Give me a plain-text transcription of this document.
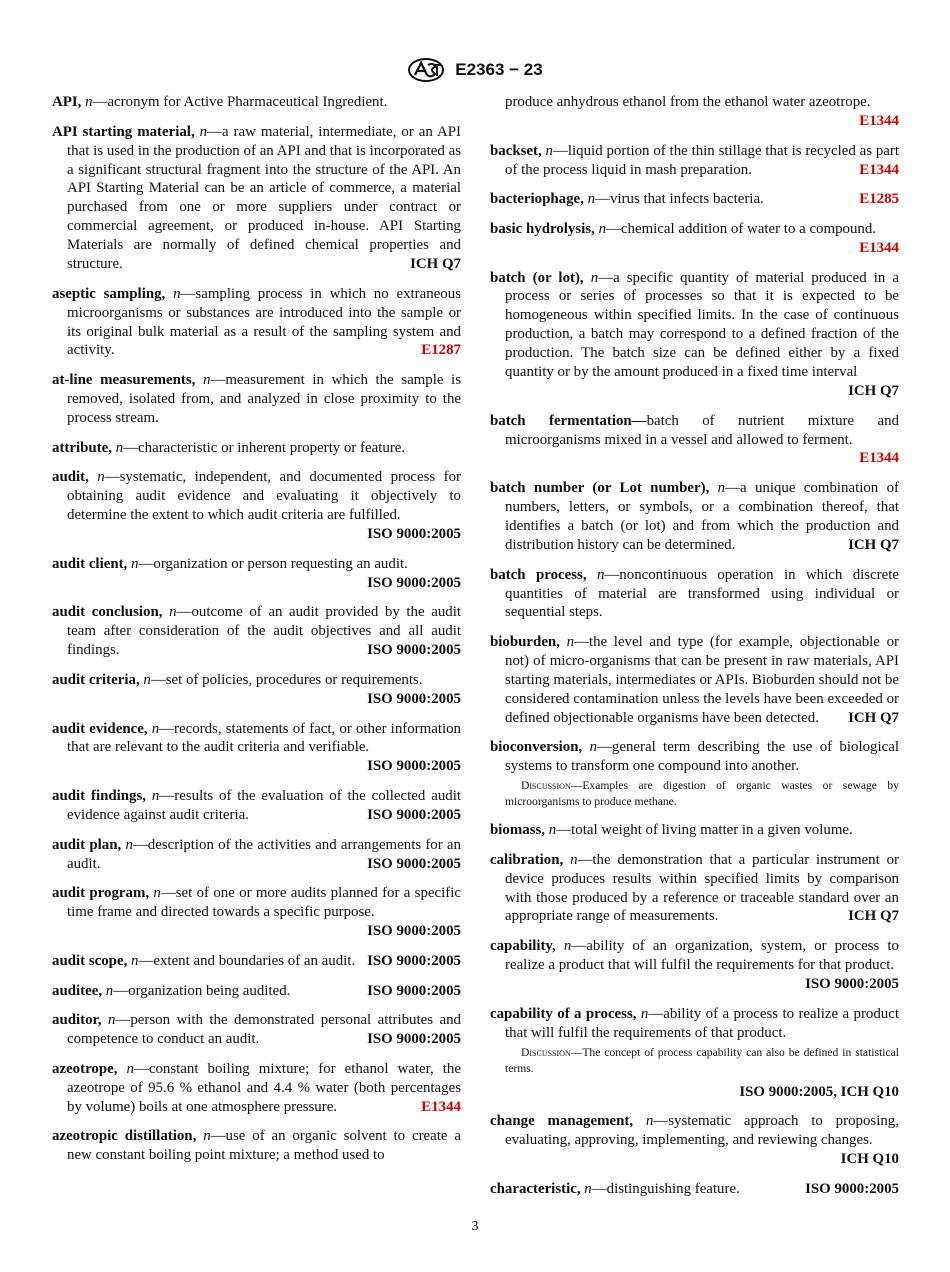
E2363 − 23
API, n—acronym for Active Pharmaceutical Ingredient.
API starting material, n—a raw material, intermediate, or an API that is used in the production of an API and that is incorporated as a significant structural fragment into the structure of the API. An API Starting Material can be an article of commerce, a material purchased from one or more suppliers under contract or commercial agreement, or produced in-house. API Starting Materials are normally of defined chemical properties and structure.	ICH Q7
aseptic sampling, n—sampling process in which no extraneous microorganisms or substances are introduced into the sample or its original bulk material as a result of the sampling system and activity.	E1287
at-line measurements, n—measurement in which the sample is removed, isolated from, and analyzed in close proximity to the process stream.
attribute, n—characteristic or inherent property or feature.
audit, n—systematic, independent, and documented process for obtaining audit evidence and evaluating it objectively to determine the extent to which audit criteria are fulfilled.
ISO 9000:2005
audit client, n—organization or person requesting an audit.
ISO 9000:2005
audit conclusion, n—outcome of an audit provided by the audit team after consideration of the audit objectives and all audit findings.	ISO 9000:2005
audit criteria, n—set of policies, procedures or requirements.
ISO 9000:2005
audit evidence, n—records, statements of fact, or other information that are relevant to the audit criteria and verifiable.
ISO 9000:2005
audit findings, n—results of the evaluation of the collected audit evidence against audit criteria.	ISO 9000:2005
audit plan, n—description of the activities and arrangements for an audit.	ISO 9000:2005
audit program, n—set of one or more audits planned for a specific time frame and directed towards a specific purpose.
ISO 9000:2005
audit scope, n—extent and boundaries of an audit. ISO 9000:2005
auditee, n—organization being audited.	ISO 9000:2005
auditor, n—person with the demonstrated personal attributes and competence to conduct an audit.	ISO 9000:2005
azeotrope, n—constant boiling mixture; for ethanol water, the azeotrope of 95.6 % ethanol and 4.4 % water (both percentages by volume) boils at one atmosphere pressure.	E1344
azeotropic distillation, n—use of an organic solvent to create a new constant boiling point mixture; a method used to
produce anhydrous ethanol from the ethanol water azeotrope.
E1344
backset, n—liquid portion of the thin stillage that is recycled as part of the process liquid in mash preparation.	E1344
bacteriophage, n—virus that infects bacteria.	E1285
basic hydrolysis, n—chemical addition of water to a compound.
E1344
batch (or lot), n—a specific quantity of material produced in a process or series of processes so that it is expected to be homogeneous within specified limits. In the case of continuous production, a batch may correspond to a defined fraction of the production. The batch size can be defined either by a fixed quantity or by the amount produced in a fixed time interval
ICH Q7
batch fermentation—batch of nutrient mixture and microorganisms mixed in a vessel and allowed to ferment.
E1344
batch number (or Lot number), n—a unique combination of numbers, letters, or symbols, or a combination thereof, that identifies a batch (or lot) and from which the production and distribution history can be determined.	ICH Q7
batch process, n—noncontinuous operation in which discrete quantities of material are transformed using individual or sequential steps.
bioburden, n—the level and type (for example, objectionable or not) of micro-organisms that can be present in raw materials, API starting materials, intermediates or APIs. Bioburden should not be considered contamination unless the levels have been exceeded or defined objectionable organisms have been detected. ICH Q7
bioconversion, n—general term describing the use of biological systems to transform one compound into another.
Discussion—Examples are digestion of organic wastes or sewage by microorganisms to produce methane.
biomass, n—total weight of living matter in a given volume.
calibration, n—the demonstration that a particular instrument or device produces results within specified limits by comparison with those produced by a reference or traceable standard over an appropriate range of measurements.	ICH Q7
capability, n—ability of an organization, system, or process to realize a product that will fulfil the requirements for that product.
ISO 9000:2005
capability of a process, n—ability of a process to realize a product that will fulfil the requirements of that product.
Discussion—The concept of process capability can also be defined in statistical terms.
ISO 9000:2005, ICH Q10
change management, n—systematic approach to proposing, evaluating, approving, implementing, and reviewing changes.
ICH Q10
characteristic, n—distinguishing feature.	ISO 9000:2005
3
